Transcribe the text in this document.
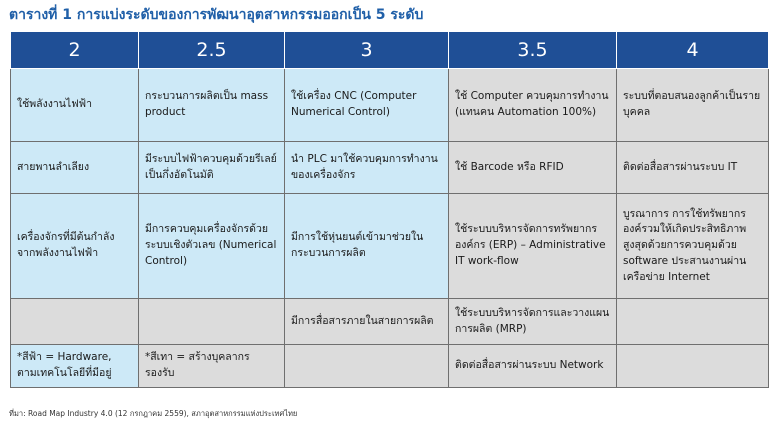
ตารางที่ 1 การแบ่งระดับของการพัฒนาอุตสาหกรรมออกเป็น 5 ระดับ
2	2.5	3	3.5	4
ใช้พลังงานไฟฟ้า	กระบวนการผลิตเป็น mass product	ใช้เครื่อง CNC (Computer Numerical Control)	ใช้ Computer ควบคุมการทำงาน (แทนคน Automation 100%)	ระบบที่ตอบสนองลูกค้าเป็นรายบุคคล
สายพานลำเลียง	มีระบบไฟฟ้าควบคุมด้วยรีเลย์เป็นกึ่งอัตโนมัติ	นำ PLC มาใช้ควบคุมการทำงานของเครื่องจักร	ใช้ Barcode หรือ RFID	ติดต่อสื่อสารผ่านระบบ IT
เครื่องจักรที่มีต้นกำลังจากพลังงานไฟฟ้า	มีการควบคุมเครื่องจักรด้วยระบบเชิงตัวเลข (Numerical Control)	มีการใช้หุ่นยนต์เข้ามาช่วยในกระบวนการผลิต	ใช้ระบบบริหารจัดการทรัพยากรองค์กร (ERP) – Administrative IT work-flow	บูรณาการ การใช้ทรัพยากรองค์รวมให้เกิดประสิทธิภาพสูงสุดด้วยการควบคุมด้วย software ประสานงานผ่านเครือข่าย Internet
		มีการสื่อสารภายในสายการผลิต	ใช้ระบบบริหารจัดการและวางแผนการผลิต (MRP)	
*สีฟ้า = Hardware, ตามเทคโนโลยีที่มีอยู่	*สีเทา = สร้างบุคลากรรองรับ		ติดต่อสื่อสารผ่านระบบ Network	
ที่มา: Road Map Industry 4.0 (12 กรกฎาคม 2559), สภาอุตสาหกรรมแห่งประเทศไทย
